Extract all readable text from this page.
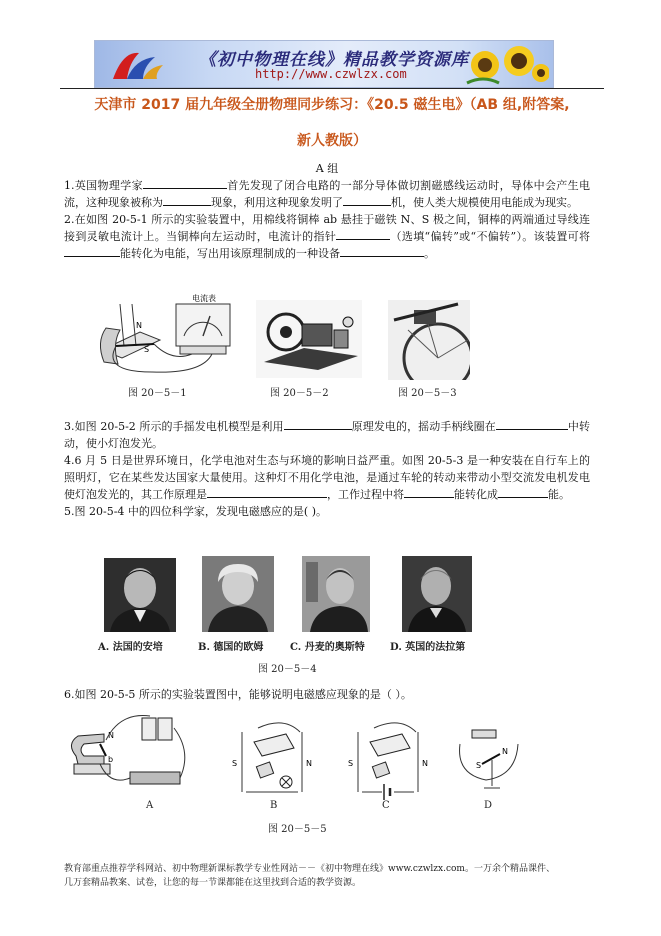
《初中物理在线》精品教学资源库
http://www.czwlzx.com
天津市 2017 届九年级全册物理同步练习：《20.5 磁生电》（AB 组,附答案,
新人教版）

A 组

1.英国物理学家	首先发现了闭合电路的一部分导体做切割磁感线运动时，导体中会产生电流，这种现象被称为	现象，利用这种现象发明了	机，使人类大规模使用电能成为现实。

2.在如图 20-5-1 所示的实验装置中，用棉线将铜棒 ab 悬挂于磁铁 N、S 极之间，铜棒的两端通过导线连接到灵敏电流计上。当铜棒向左运动时，电流计的指针	（选填“偏转”或“不偏转”）。该装置可将能转化为电能，写出用该原理制成的一种设备	。

电流表
N
S
图 20－5－1	图 20－5－2	图 20－5－3

3.如图 20-5-2 所示的手摇发电机模型是利用	原理发电的，摇动手柄线圈在	中转动，使小灯泡发光。

4.6 月 5 日是世界环境日，化学电池对生态与环境的影响日益严重。如图 20-5-3 是一种安装在自行车上的照明灯，它在某些发达国家大量使用。这种灯不用化学电池，是通过车轮的转动来带动小型交流发电机发电使灯泡发光的，其工作原理是	，工作过程中将	能转化成	能。

5.图 20-5-4 中的四位科学家，发现电磁感应的是( )。

A. 法国的安培	B. 德国的欧姆	C. 丹麦的奥斯特	D. 英国的法拉第
图 20－5－4

6.如图 20-5-5 所示的实验装置图中，能够说明电磁感应现象的是（ ）。

N
b	S	N	S	N	S
N
A	B	C	D
图 20－5－5
教育部重点推荐学科网站、初中物理新课标教学专业性网站－－《初中物理在线》www.czwlzx.com。一万余个精品课件、
几万套精品教案、试卷，让您的每一节课都能在这里找到合适的教学资源。
